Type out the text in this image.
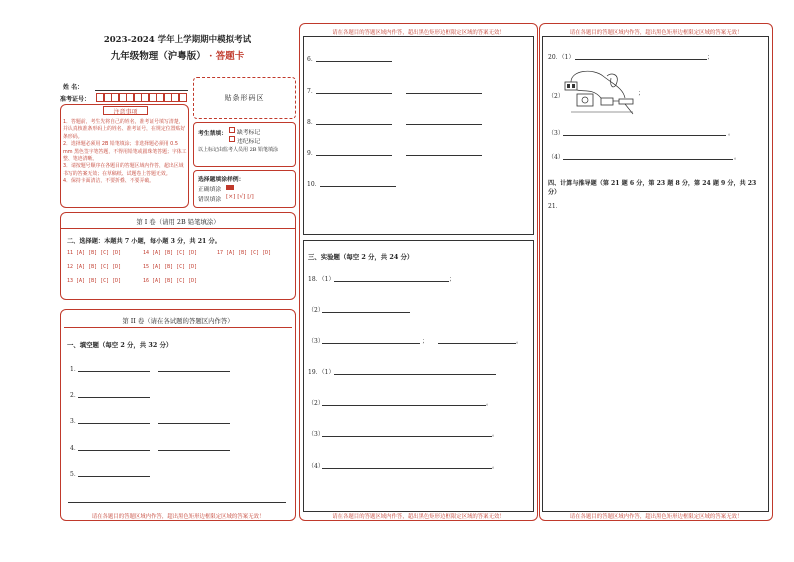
2023-2024 学年上学期期中模拟考试
九年级物理（沪粤版） · 答题卡
姓 名：
准考证号：	贴条形码区
注意事项
1．答题前，考生先将自己的姓名，准考证号填写清楚，并认真核准条形码上的姓名、准考证号，在规定位置贴好条形码。
2．选择题必须用 2B 铅笔填涂；非选择题必须用 0.5 mm 黑色签字笔答题，不得用铅笔或圆珠笔答题；字体工整、笔迹清晰。
3．请按题号顺序在各题目的答题区域内作答，超出区域书写的答案无效；在草稿纸、试题卷上答题无效。
4．保持卡面清洁，不要折叠、不要弄破。
考生禁填： 缺考标记
违纪标记
以上标记由监考人员用 2B 铅笔填涂
选择题填涂样例：
正确填涂
错误填涂 [×] [√] [/]
第 I 卷（请用 2B 铅笔填涂）
二、选择题：本题共 7 小题，每小题 3 分，共 21 分。
11 [A] [B] [C] [D]	14 [A] [B] [C] [D]	17 [A] [B] [C] [D]
12 [A] [B] [C] [D]	15 [A] [B] [C] [D]
13 [A] [B] [C] [D]	16 [A] [B] [C] [D]
第 II 卷（请在各试题的答题区内作答）
一、填空题（每空 2 分，共 32 分）
1．
2．
3．
4．
5．
请在各题目的答题区域内作答，超出黑色矩形边框限定区域的答案无效！
请在各题目的答题区域内作答，超出黑色矩形边框限定区域的答案无效！
6．
7．
8．
9．
10．
三、实验题（每空 2 分，共 24 分）
18．（1）	；
（2）
（3）	；	。
19．（1）
（2）	。
（3）	。
（4）	。
请在各题目的答题区域内作答，超出黑色矩形边框限定区域的答案无效！
请在各题目的答题区域内作答，超出黑色矩形边框限定区域的答案无效！
20．（1）	；
（2）	；
（3）	。
（4）	。
四、计算与推导题（第 21 题 6 分，第 23 题 8 分，第 24 题 9 分，共 23 分）
21．
请在各题目的答题区域内作答，超出黑色矩形边框限定区域的答案无效！
